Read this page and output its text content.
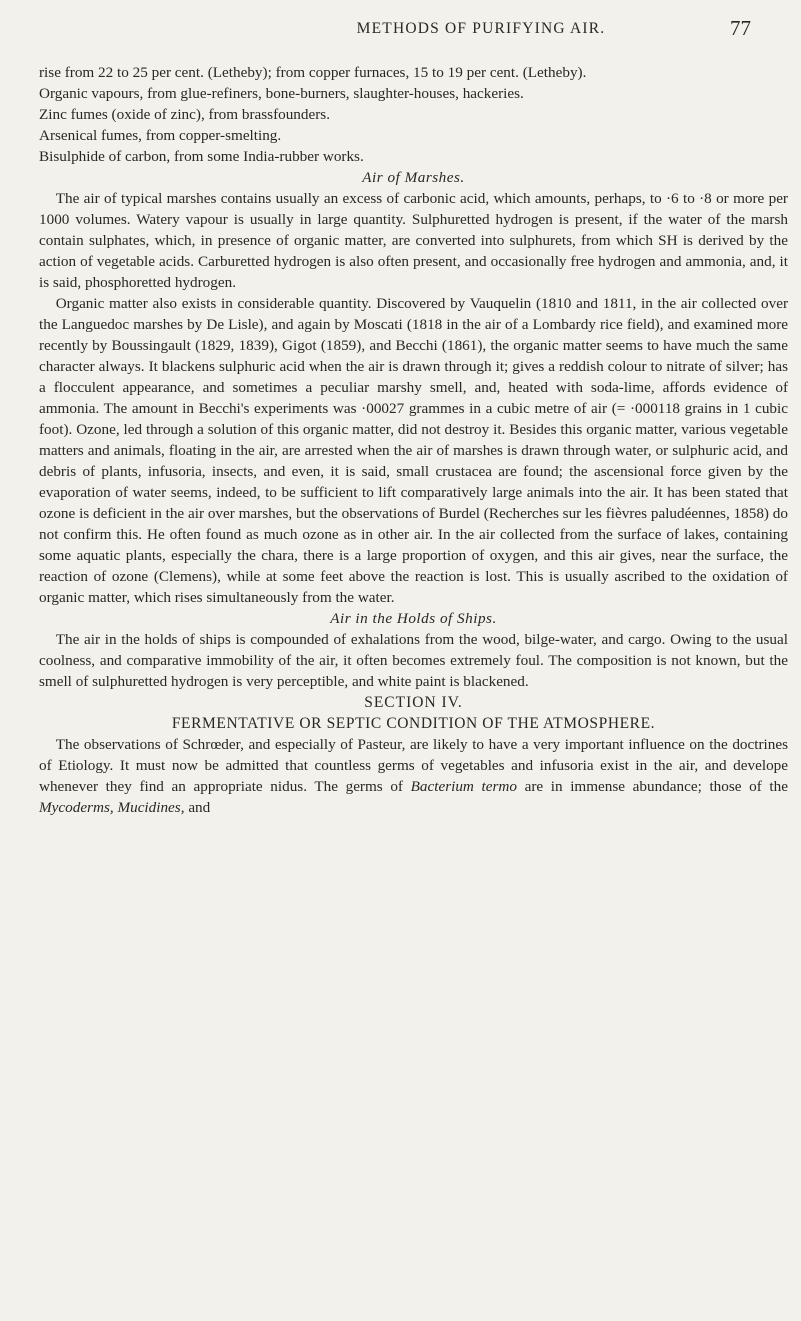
METHODS OF PURIFYING AIR.	77

rise from 22 to 25 per cent. (Letheby); from copper furnaces, 15 to 19 per cent. (Letheby).

Organic vapours, from glue-refiners, bone-burners, slaughter-houses, hackeries.

Zinc fumes (oxide of zinc), from brassfounders.

Arsenical fumes, from copper-smelting.

Bisulphide of carbon, from some India-rubber works.

Air of Marshes.

The air of typical marshes contains usually an excess of carbonic acid, which amounts, perhaps, to ·6 to ·8 or more per 1000 volumes. Watery vapour is usually in large quantity. Sulphuretted hydrogen is present, if the water of the marsh contain sulphates, which, in presence of organic matter, are converted into sulphurets, from which SH is derived by the action of vegetable acids. Carburetted hydrogen is also often present, and occasionally free hydrogen and ammonia, and, it is said, phosphoretted hydrogen.

Organic matter also exists in considerable quantity. Discovered by Vauquelin (1810 and 1811, in the air collected over the Languedoc marshes by De Lisle), and again by Moscati (1818 in the air of a Lombardy rice field), and examined more recently by Boussingault (1829, 1839), Gigot (1859), and Becchi (1861), the organic matter seems to have much the same character always. It blackens sulphuric acid when the air is drawn through it; gives a reddish colour to nitrate of silver; has a flocculent appearance, and sometimes a peculiar marshy smell, and, heated with soda-lime, affords evidence of ammonia. The amount in Becchi's experiments was ·00027 grammes in a cubic metre of air (= ·000118 grains in 1 cubic foot). Ozone, led through a solution of this organic matter, did not destroy it. Besides this organic matter, various vegetable matters and animals, floating in the air, are arrested when the air of marshes is drawn through water, or sulphuric acid, and debris of plants, infusoria, insects, and even, it is said, small crustacea are found; the ascensional force given by the evaporation of water seems, indeed, to be sufficient to lift comparatively large animals into the air. It has been stated that ozone is deficient in the air over marshes, but the observations of Burdel (Recherches sur les fièvres paludéennes, 1858) do not confirm this. He often found as much ozone as in other air. In the air collected from the surface of lakes, containing some aquatic plants, especially the chara, there is a large proportion of oxygen, and this air gives, near the surface, the reaction of ozone (Clemens), while at some feet above the reaction is lost. This is usually ascribed to the oxidation of organic matter, which rises simultaneously from the water.

Air in the Holds of Ships.

The air in the holds of ships is compounded of exhalations from the wood, bilge-water, and cargo. Owing to the usual coolness, and comparative immobility of the air, it often becomes extremely foul. The composition is not known, but the smell of sulphuretted hydrogen is very perceptible, and white paint is blackened.

SECTION IV.

FERMENTATIVE OR SEPTIC CONDITION OF THE ATMOSPHERE.

The observations of Schrœder, and especially of Pasteur, are likely to have a very important influence on the doctrines of Etiology. It must now be admitted that countless germs of vegetables and infusoria exist in the air, and develope whenever they find an appropriate nidus. The germs of Bacterium termo are in immense abundance; those of the Mycoderms, Mucidines, and
